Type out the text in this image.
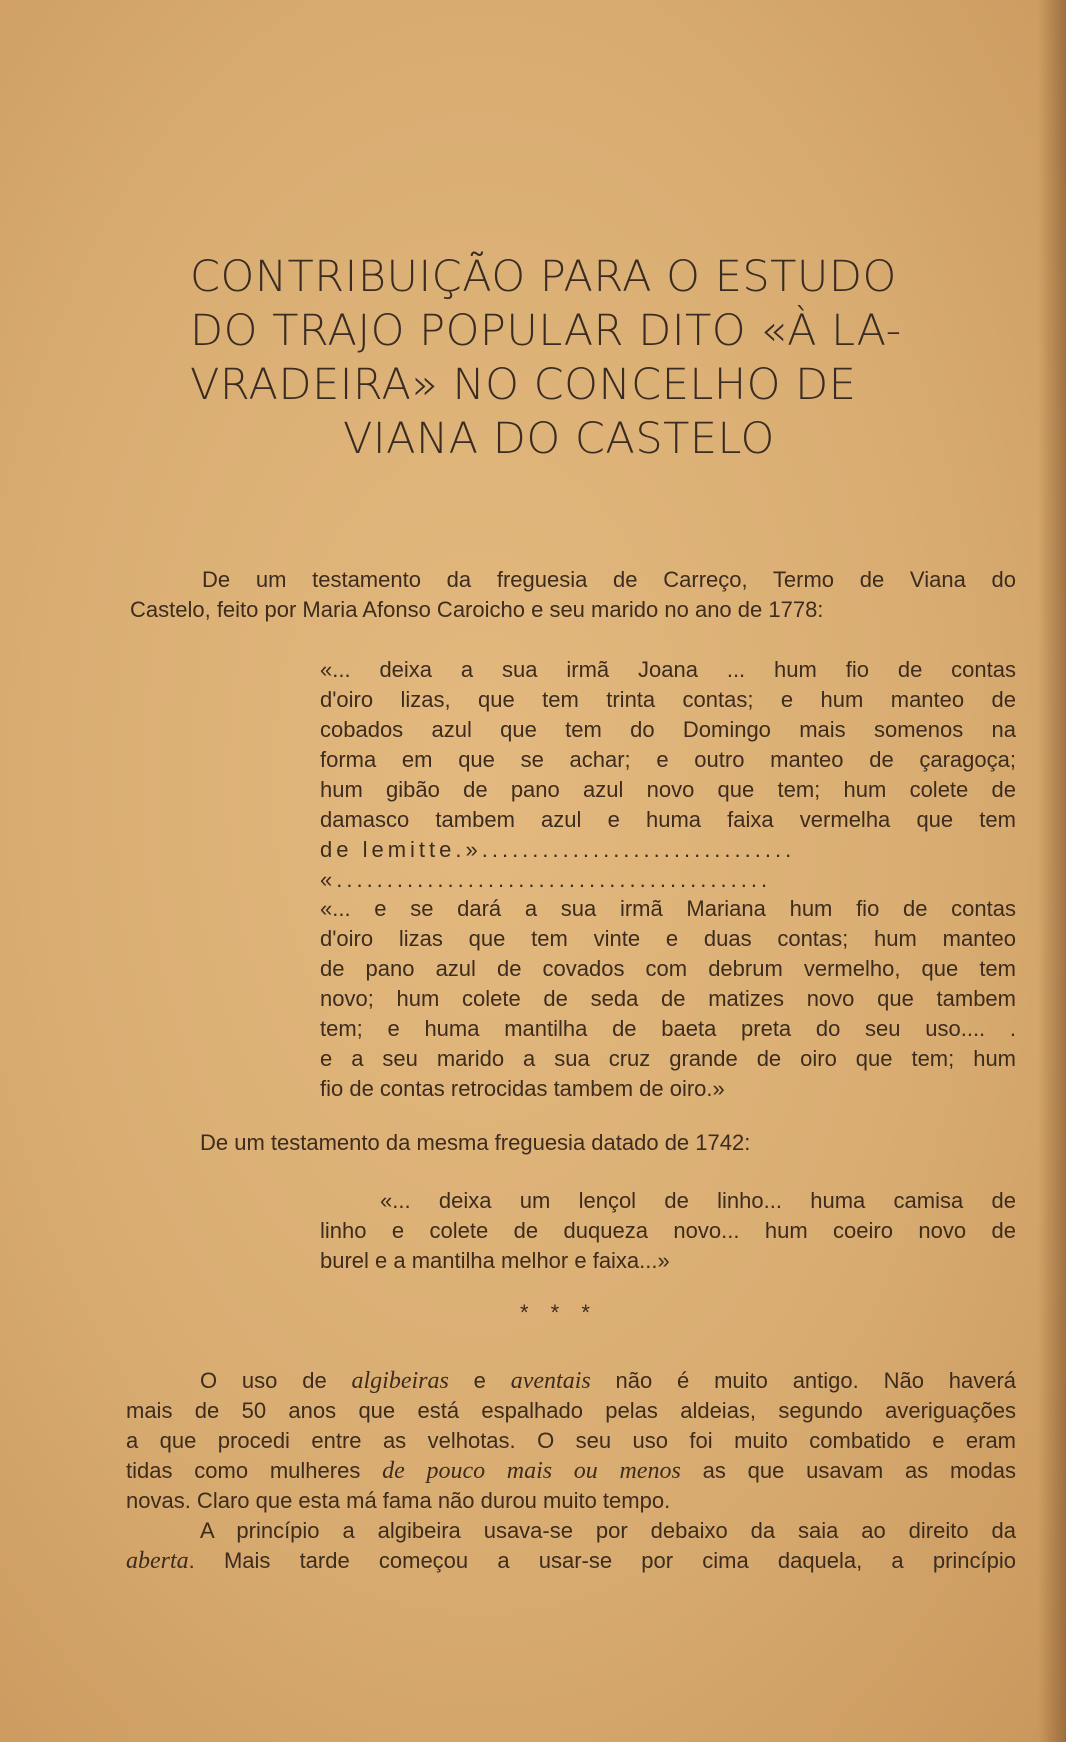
CONTRIBUIÇÃO PARA O ESTUDO
DO TRAJO POPULAR DITO «À LA-
VRADEIRA» NO CONCELHO DE
VIANA DO CASTELO
De um testamento da freguesia de Carreço, Termo de Viana do
Castelo, feito por Maria Afonso Caroicho e seu marido no ano de 1778:
«... deixa a sua irmã Joana ... hum fio de contas
d'oiro lizas, que tem trinta contas; e hum manteo de
cobados azul que tem do Domingo mais somenos na
forma em que se achar; e outro manteo de çaragoça;
hum gibão de pano azul novo que tem; hum colete de
damasco tambem azul e huma faixa vermelha que tem
de lemitte.»...............................
«...........................................
«... e se dará a sua irmã Mariana hum fio de contas
d'oiro lizas que tem vinte e duas contas; hum manteo
de pano azul de covados com debrum vermelho, que tem
novo; hum colete de seda de matizes novo que tambem
tem; e huma mantilha de baeta preta do seu uso.... .
e a seu marido a sua cruz grande de oiro que tem; hum
fio de contas retrocidas tambem de oiro.»
De um testamento da mesma freguesia datado de 1742:
«... deixa um lençol de linho... huma camisa de
linho e colete de duqueza novo... hum coeiro novo de
burel e a mantilha melhor e faixa...»
* * *
O uso de algibeiras e aventais não é muito antigo. Não haverá
mais de 50 anos que está espalhado pelas aldeias, segundo averiguações
a que procedi entre as velhotas. O seu uso foi muito combatido e eram
tidas como mulheres de pouco mais ou menos as que usavam as modas
novas. Claro que esta má fama não durou muito tempo.
A princípio a algibeira usava-se por debaixo da saia ao direito da
aberta. Mais tarde começou a usar-se por cima daquela, a princípio
